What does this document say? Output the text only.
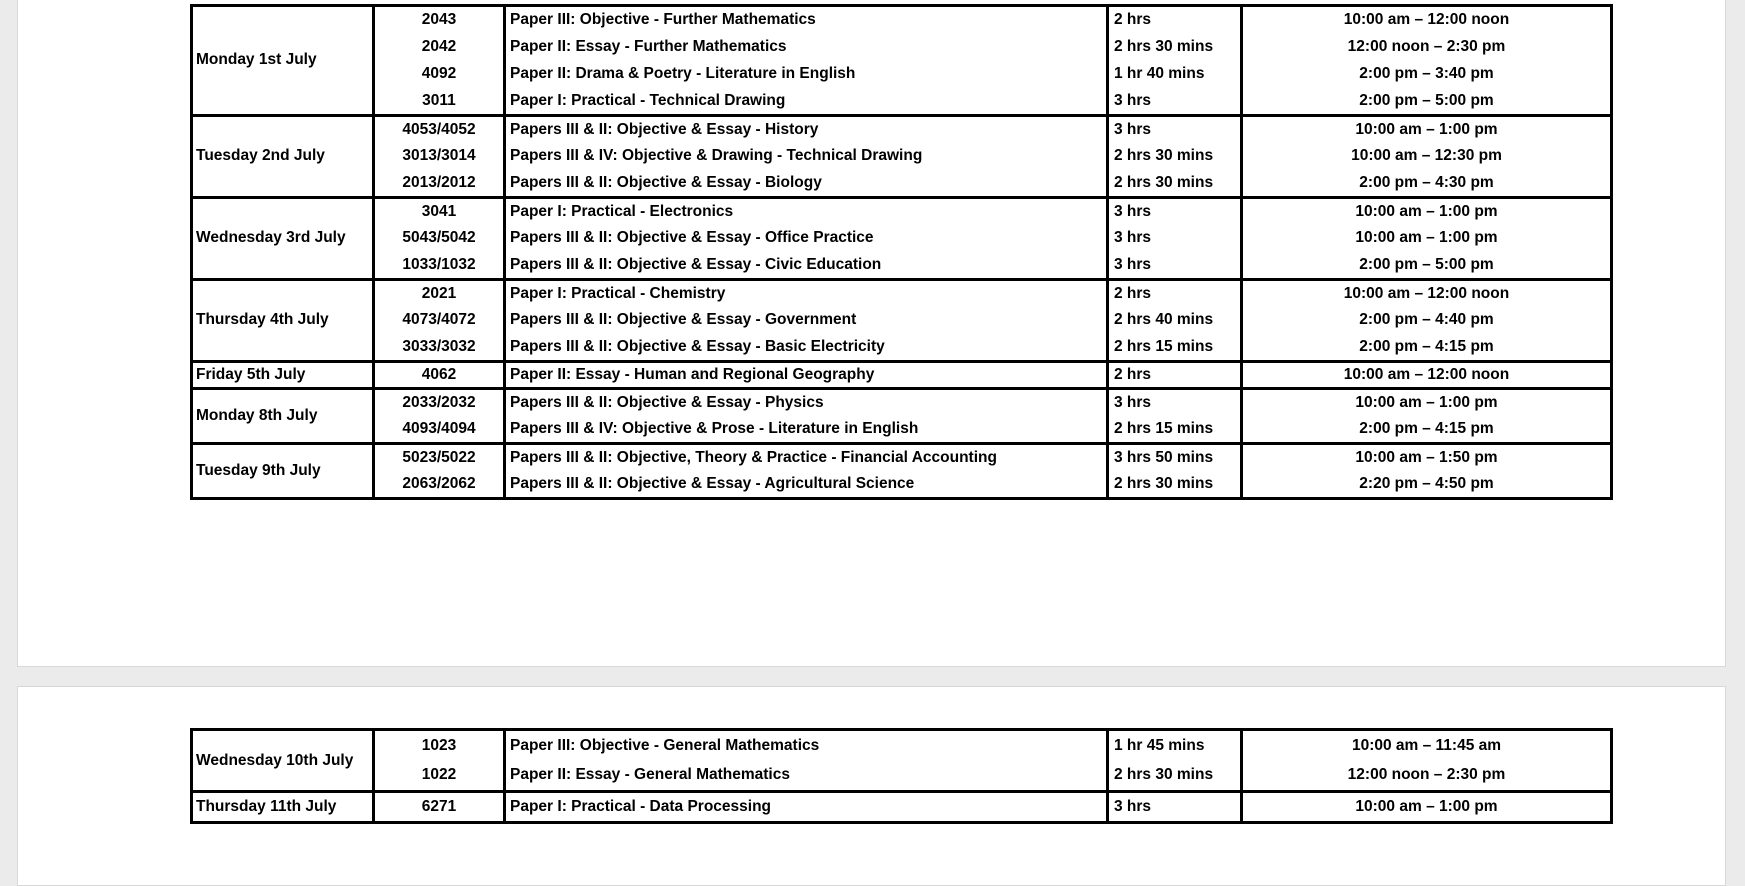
Monday 1st July	2043	Paper III: Objective - Further Mathematics	2 hrs	10:00 am – 12:00 noon
	2042	Paper II: Essay - Further Mathematics	2 hrs 30 mins	12:00 noon – 2:30 pm
	4092	Paper II: Drama & Poetry - Literature in English	1 hr 40 mins	2:00 pm – 3:40 pm
	3011	Paper I: Practical - Technical Drawing	3 hrs	2:00 pm – 5:00 pm
Tuesday 2nd July	4053/4052	Papers III & II: Objective & Essay - History	3 hrs	10:00 am – 1:00 pm
	3013/3014	Papers III & IV: Objective & Drawing - Technical Drawing	2 hrs 30 mins	10:00 am – 12:30 pm
	2013/2012	Papers III & II: Objective & Essay - Biology	2 hrs 30 mins	2:00 pm – 4:30 pm
Wednesday 3rd July	3041	Paper I: Practical - Electronics	3 hrs	10:00 am – 1:00 pm
	5043/5042	Papers III & II: Objective & Essay - Office Practice	3 hrs	10:00 am – 1:00 pm
	1033/1032	Papers III & II: Objective & Essay - Civic Education	3 hrs	2:00 pm – 5:00 pm
Thursday 4th July	2021	Paper I: Practical - Chemistry	2 hrs	10:00 am – 12:00 noon
	4073/4072	Papers III & II: Objective & Essay - Government	2 hrs 40 mins	2:00 pm – 4:40 pm
	3033/3032	Papers III & II: Objective & Essay - Basic Electricity	2 hrs 15 mins	2:00 pm – 4:15 pm
Friday 5th July	4062	Paper II: Essay - Human and Regional Geography	2 hrs	10:00 am – 12:00 noon
Monday 8th July	2033/2032	Papers III & II: Objective & Essay - Physics	3 hrs	10:00 am – 1:00 pm
	4093/4094	Papers III & IV: Objective & Prose - Literature in English	2 hrs 15 mins	2:00 pm – 4:15 pm
Tuesday 9th July	5023/5022	Papers III & II: Objective, Theory & Practice - Financial Accounting	3 hrs 50 mins	10:00 am – 1:50 pm
	2063/2062	Papers III & II: Objective & Essay - Agricultural Science	2 hrs 30 mins	2:20 pm – 4:50 pm
Wednesday 10th July	1023	Paper III: Objective - General Mathematics	1 hr 45 mins	10:00 am – 11:45 am
	1022	Paper II: Essay - General Mathematics	2 hrs 30 mins	12:00 noon – 2:30 pm
Thursday 11th July	6271	Paper I: Practical - Data Processing	3 hrs	10:00 am – 1:00 pm
